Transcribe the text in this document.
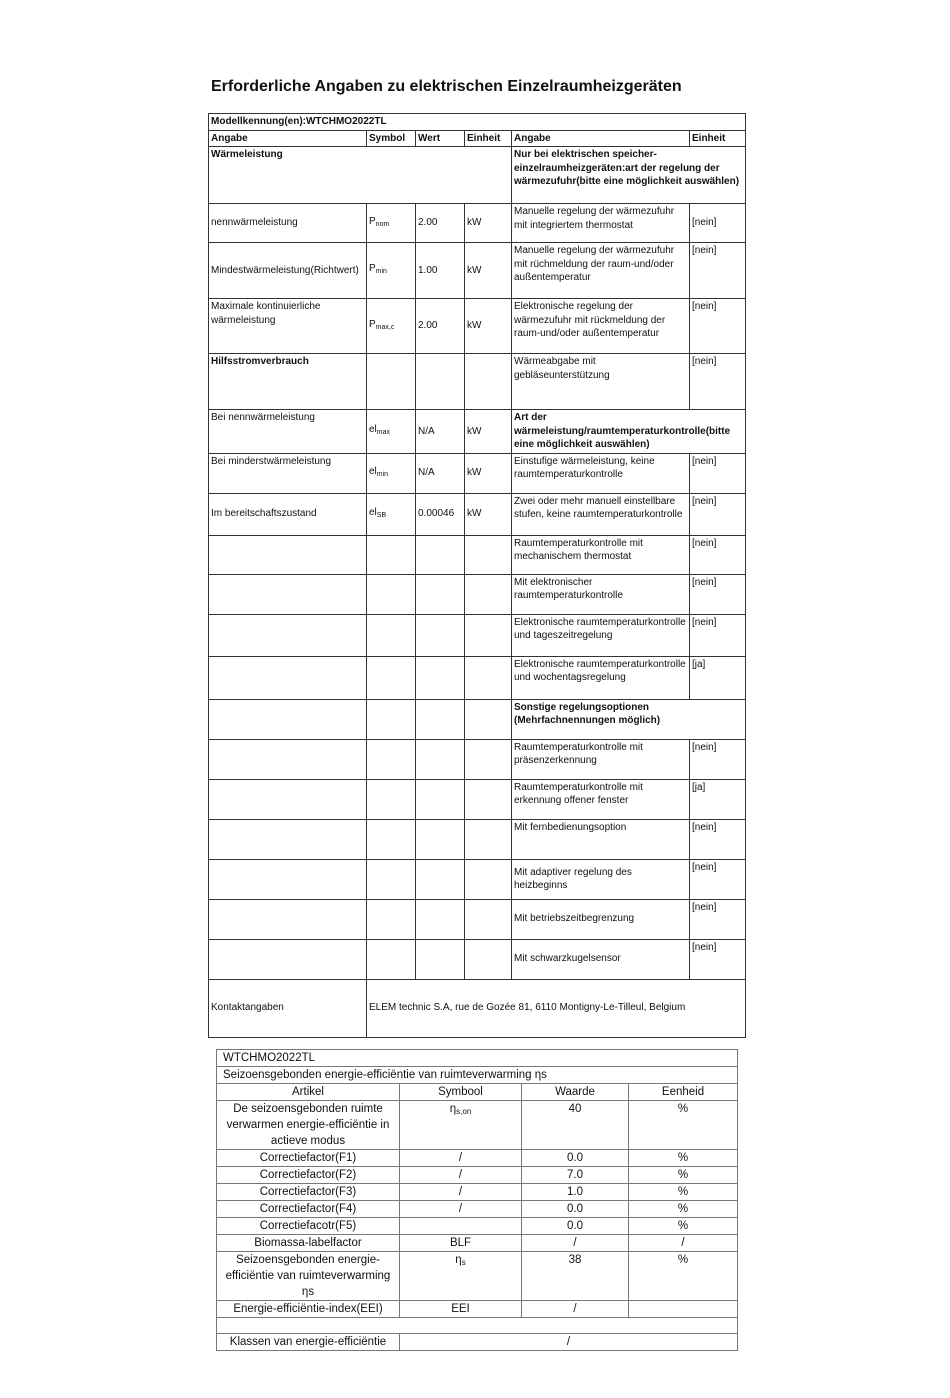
Erforderliche Angaben zu elektrischen Einzelraumheizgeräten
Modellkennung(en):WTCHMO2022TL					
Angabe	Symbol	Wert	Einheit	Angabe	Einheit
Wärmeleistung				Nur bei elektrischen speicher-einzelraumheizgeräten:art der regelung der wärmezufuhr(bitte eine möglichkeit auswählen)	
nennwärmeleistung	$P_{nom}$	2.00	kW	Manuelle regelung der wärmezufuhr mit integriertem thermostat	[nein]
Mindestwärmeleistung(Richtwert)	$P_{min}$	1.00	kW	Manuelle regelung der wärmezufuhr mit rüchmeldung der raum-und/oder außentemperatur	[nein]
Maximale kontinuierliche wärmeleistung	$P_{max,c}$	2.00	kW	Elektronische regelung der wärmezufuhr mit rückmeldung der raum-und/oder außentemperatur	[nein]
Hilfsstromverbrauch				Wärmeabgabe mit gebläseunterstützung	[nein]
Bei nennwärmeleistung	$el_{max}$	N/A	kW	Art der wärmeleistung/raumtemperaturkontrolle(bitte eine möglichkeit auswählen)	
Bei minderstwärmeleistung	$el_{min}$	N/A	kW	Einstufige wärmeleistung, keine raumtemperaturkontrolle	[nein]
Im bereitschaftszustand	$el_{SB}$	0.00046	kW	Zwei oder mehr manuell einstellbare stufen, keine raumtemperaturkontrolle	[nein]
				Raumtemperaturkontrolle mit mechanischem thermostat	[nein]
				Mit elektronischer raumtemperaturkontrolle	[nein]
				Elektronische raumtemperaturkontrolle und tageszeitregelung	[nein]
				Elektronische raumtemperaturkontrolle und wochentagsregelung	[ja]
				Sonstige regelungsoptionen (Mehrfachnennungen möglich)	
				Raumtemperaturkontrolle mit präsenzerkennung	[nein]
				Raumtemperaturkontrolle mit erkennung offener fenster	[ja]
				Mit fernbedienungsoption	[nein]
				Mit adaptiver regelung des heizbeginns	[nein]
				Mit betriebszeitbegrenzung	[nein]
				Mit schwarzkugelsensor	[nein]
Kontaktangaben	ELEM technic S.A, rue de Gozée 81, 6110 Montigny-Le-Tilleul, Belgium				
WTCHMO2022TL			
Seizoensgebonden energie-efficiëntie van ruimteverwarming ηs			
Artikel	Symbool	Waarde	Eenheid
De seizoensgebonden ruimte verwarmen energie-efficiëntie in actieve modus	$\eta_{s,on}$	40	%
Correctiefactor(F1)	/	0.0	%
Correctiefactor(F2)	/	7.0	%
Correctiefactor(F3)	/	1.0	%
Correctiefactor(F4)	/	0.0	%
Correctiefacotr(F5)		0.0	%
Biomassa-labelfactor	BLF	/	/
Seizoensgebonden energie-efficiëntie van ruimteverwarming ηs	$\eta_s$	38	%
Energie-efficiëntie-index(EEI)	EEI	/	

Klassen van energie-efficiëntie	/		
